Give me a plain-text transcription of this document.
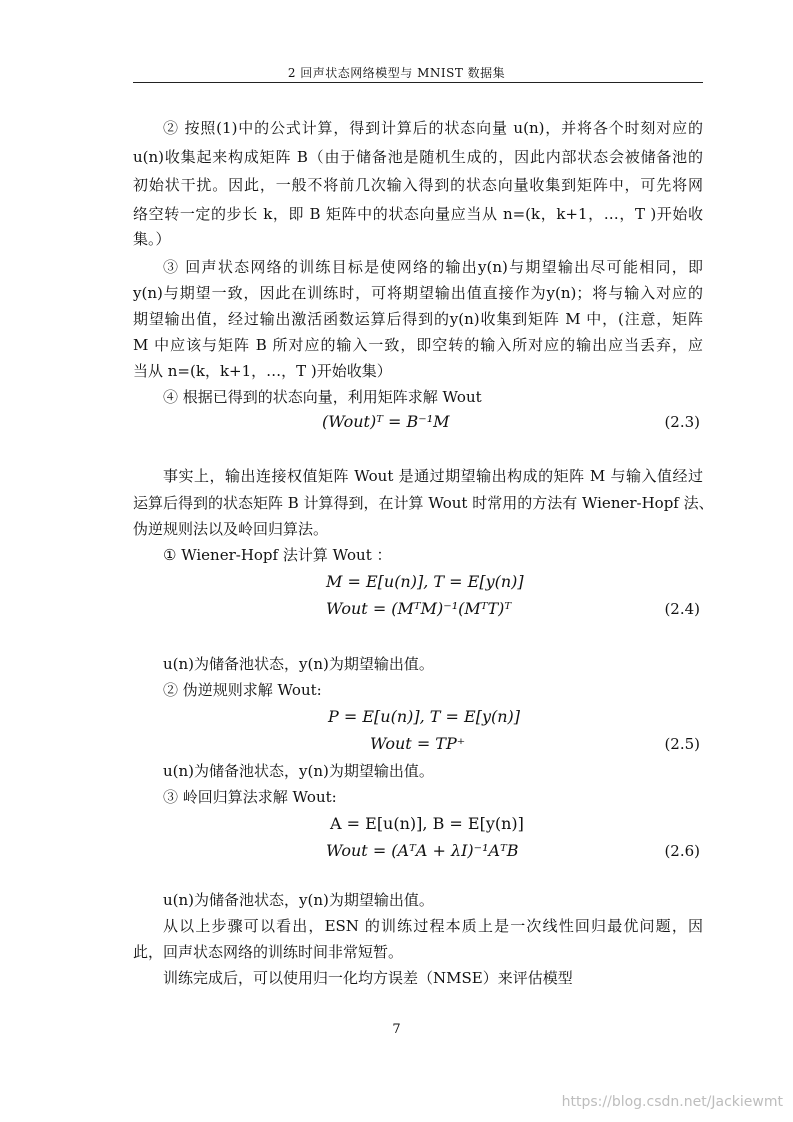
2 回声状态网络模型与 MNIST 数据集
② 按照(1)中的公式计算，得到计算后的状态向量 u(n)，并将各个时刻对应的
u(n)收集起来构成矩阵 B（由于储备池是随机生成的，因此内部状态会被储备池的
初始状干扰。因此，一般不将前几次输入得到的状态向量收集到矩阵中，可先将网
络空转一定的步长 k，即 B 矩阵中的状态向量应当从 n=(k，k+1，…，T )开始收
集。）
③ 回声状态网络的训练目标是使网络的输出y(n)与期望输出尽可能相同，即
y(n)与期望一致，因此在训练时，可将期望输出值直接作为y(n)；将与输入对应的
期望输出值，经过输出激活函数运算后得到的y(n)收集到矩阵 M 中，(注意，矩阵
M 中应该与矩阵 B 所对应的输入一致，即空转的输入所对应的输出应当丢弃，应
当从 n=(k，k+1，…，T )开始收集）
④ 根据已得到的状态向量，利用矩阵求解 Wout
(Wout)ᵀ = B⁻¹M	(2.3)
事实上，输出连接权值矩阵 Wout 是通过期望输出构成的矩阵 M 与输入值经过
运算后得到的状态矩阵 B 计算得到，在计算 Wout 时常用的方法有 Wiener-Hopf 法、
伪逆规则法以及岭回归算法。
① Wiener-Hopf 法计算 Wout ：
M = E[u(n)], T = E[y(n)]
Wout = (MᵀM)⁻¹(MᵀT)ᵀ	(2.4)
u(n)为储备池状态，y(n)为期望输出值。
② 伪逆规则求解 Wout:
P = E[u(n)], T = E[y(n)]
Wout = TP⁺	(2.5)
u(n)为储备池状态，y(n)为期望输出值。
③ 岭回归算法求解 Wout:
A = E[u(n)], B = E[y(n)]
Wout = (AᵀA + λI)⁻¹AᵀB	(2.6)
u(n)为储备池状态，y(n)为期望输出值。
从以上步骤可以看出，ESN 的训练过程本质上是一次线性回归最优问题，因
此，回声状态网络的训练时间非常短暂。
训练完成后，可以使用归一化均方误差（NMSE）来评估模型
7
https://blog.csdn.net/Jackiewmt
